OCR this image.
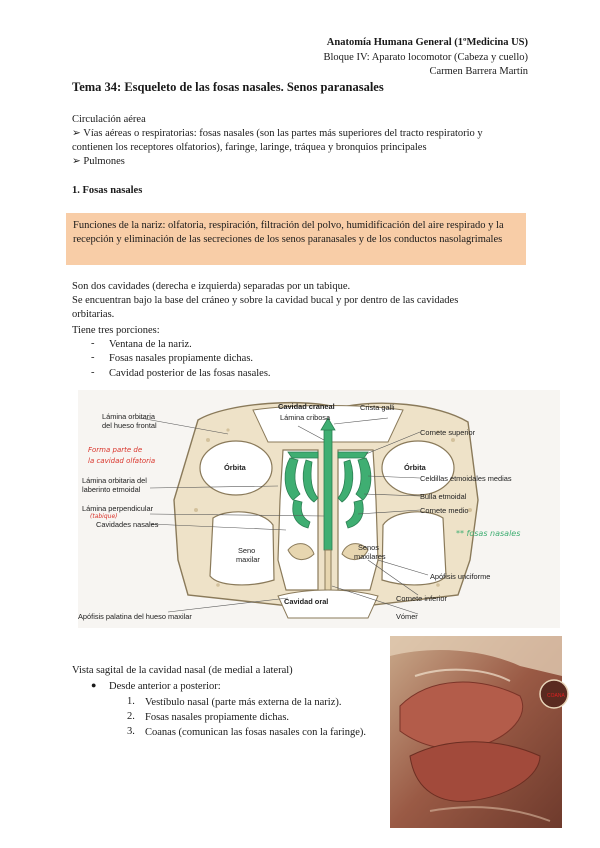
Anatomía Humana General (1ºMedicina US)
Bloque IV: Aparato locomotor (Cabeza y cuello)
Carmen Barrera Martín
Tema 34: Esqueleto de las fosas nasales. Senos paranasales
Circulación aérea
➢ Vías aéreas o respiratorias: fosas nasales (son las partes más superiores del tracto respiratorio y
contienen los receptores olfatorios), faringe, laringe, tráquea y bronquios principales
➢ Pulmones
1. Fosas nasales
Funciones de la nariz: olfatoria, respiración, filtración del polvo, humidificación del aire respirado y la recepción y eliminación de las secreciones de los senos paranasales y de los conductos nasolagrimales
Son dos cavidades (derecha e izquierda) separadas por un tabique.
Se encuentran bajo la base del cráneo y sobre la cavidad bucal y por dentro de las cavidades
orbitarias.
Tiene tres porciones:
- Ventana de la nariz.
- Fosas nasales propiamente dichas.
- Cavidad posterior de las fosas nasales.
Cavidad craneal
Lámina cribosa
Crista galli
Lámina orbitaria
del hueso frontal
Órbita	Órbita
Cornete superior
Celdillas etmoidales medias
Lámina orbitaria del
laberinto etmoidal
Bulla etmoidal
Lámina perpendicular	Cornete medio
Cavidades nasales
Seno
maxilar
Senos
maxilares
Apófisis unciforme
Cornete inferior
Cavidad oral
Vómer
Apófisis palatina del hueso maxilar
Forma parte de
la cavidad olfatoria
(tabique)
** fosas nasales
Vista sagital de la cavidad nasal (de medial a lateral)
● Desde anterior a posterior:
1. Vestíbulo nasal (parte más externa de la nariz).
2. Fosas nasales propiamente dichas.
3. Coanas (comunican las fosas nasales con la faringe).
COANA
